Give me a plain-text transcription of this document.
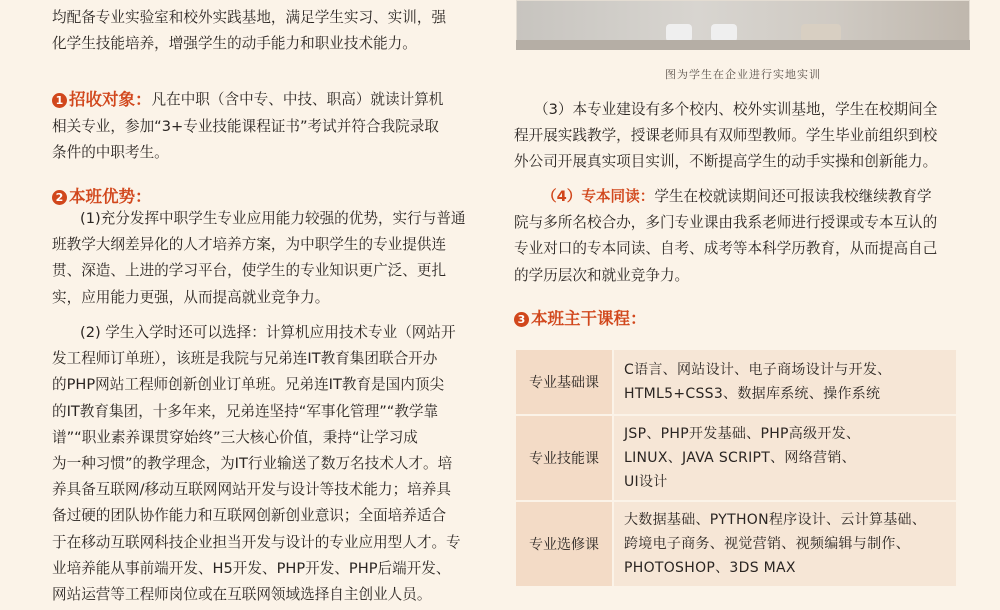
图为学生在企业进行实地实训

均配备专业实验室和校外实践基地，满足学生实习、实训，强

化学生技能培养，增强学生的动手能力和职业技术能力。

1 招收对象： 凡在中职（含中专、中技、职高）就读计算机

相关专业，参加“3+专业技能课程证书”考试并符合我院录取

条件的中职考生。

2 本班优势：

(1)充分发挥中职学生专业应用能力较强的优势，实行与普通

班教学大纲差异化的人才培养方案，为中职学生的专业提供连

贯、深造、上进的学习平台，使学生的专业知识更广泛、更扎

实，应用能力更强，从而提高就业竞争力。

(2) 学生入学时还可以选择：计算机应用技术专业（网站开

发工程师订单班），该班是我院与兄弟连IT教育集团联合开办

的PHP网站工程师创新创业订单班。兄弟连IT教育是国内顶尖

的IT教育集团，十多年来，兄弟连坚持“军事化管理”“教学靠

谱”“职业素养课贯穿始终”三大核心价值，秉持“让学习成

为一种习惯”的教学理念，为IT行业输送了数万名技术人才。培

养具备互联网/移动互联网网站开发与设计等技术能力；培养具

备过硬的团队协作能力和互联网创新创业意识；全面培养适合

于在移动互联网科技企业担当开发与设计的专业应用型人才。专

业培养能从事前端开发、H5开发、PHP开发、PHP后端开发、

网站运营等工程师岗位或在互联网领域选择自主创业人员。

（3）本专业建设有多个校内、校外实训基地，学生在校期间全

程开展实践教学，授课老师具有双师型教师。学生毕业前组织到校

外公司开展真实项目实训，不断提高学生的动手实操和创新能力。

（4）专本同读：学生在校就读期间还可报读我校继续教育学

院与多所名校合办，多门专业课由我系老师进行授课或专本互认的

专业对口的专本同读、自考、成考等本科学历教育，从而提高自己

的学历层次和就业竞争力。

3 本班主干课程：

专业基础课	C语言、网站设计、电子商场设计与开发、
HTML5+CSS3、数据库系统、操作系统

专业技能课	JSP、PHP开发基础、PHP高级开发、
LINUX、JAVA SCRIPT、网络营销、
UI设计

专业选修课	大数据基础、PYTHON程序设计、云计算基础、
跨境电子商务、视觉营销、视频编辑与制作、
PHOTOSHOP、3DS MAX
